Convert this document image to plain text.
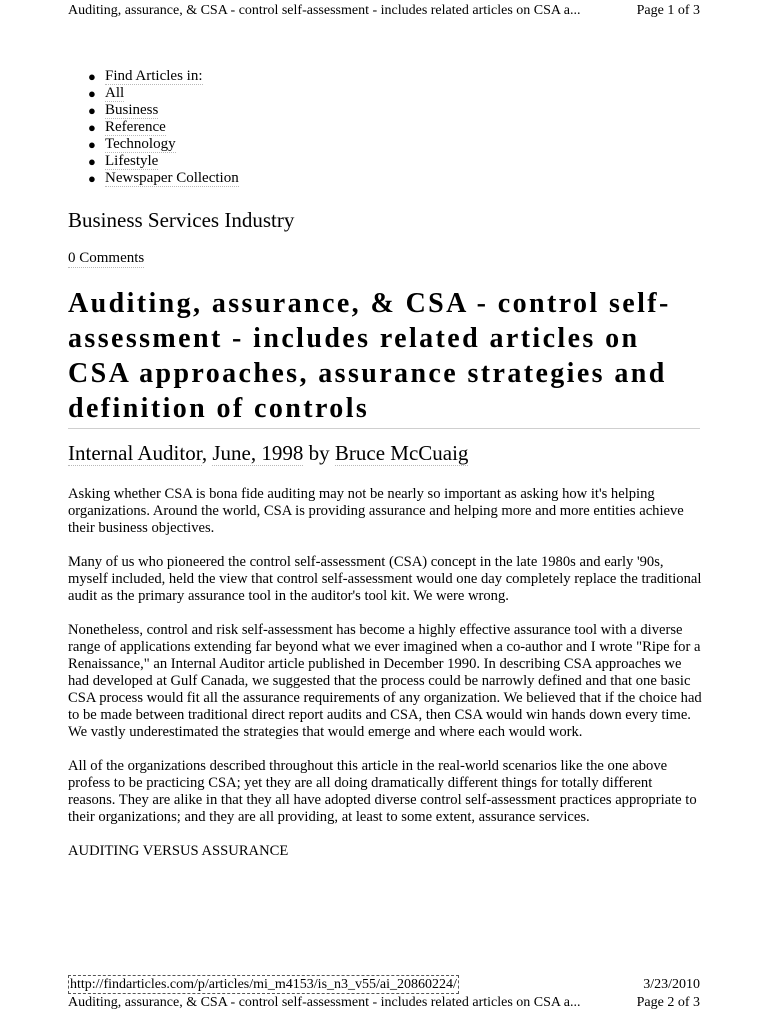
Auditing, assurance, & CSA - control self-assessment - includes related articles on CSA a...	Page 1 of 3
● Find Articles in:
● All
● Business
● Reference
● Technology
● Lifestyle
● Newspaper Collection
Business Services Industry
0 Comments
Auditing, assurance, & CSA - control self-assessment - includes related articles on CSA approaches, assurance strategies and definition of controls
Internal Auditor, June, 1998 by Bruce McCuaig

Asking whether CSA is bona fide auditing may not be nearly so important as asking how it's helping organizations. Around the world, CSA is providing assurance and helping more and more entities achieve their business objectives.

Many of us who pioneered the control self-assessment (CSA) concept in the late 1980s and early '90s, myself included, held the view that control self-assessment would one day completely replace the traditional audit as the primary assurance tool in the auditor's tool kit. We were wrong.

Nonetheless, control and risk self-assessment has become a highly effective assurance tool with a diverse range of applications extending far beyond what we ever imagined when a co-author and I wrote "Ripe for a Renaissance," an Internal Auditor article published in December 1990. In describing CSA approaches we had developed at Gulf Canada, we suggested that the process could be narrowly defined and that one basic CSA process would fit all the assurance requirements of any organization. We believed that if the choice had to be made between traditional direct report audits and CSA, then CSA would win hands down every time. We vastly underestimated the strategies that would emerge and where each would work.

All of the organizations described throughout this article in the real-world scenarios like the one above profess to be practicing CSA; yet they are all doing dramatically different things for totally different reasons. They are alike in that they all have adopted diverse control self-assessment practices appropriate to their organizations; and they are all providing, at least to some extent, assurance services.

AUDITING VERSUS ASSURANCE

http://findarticles.com/p/articles/mi_m4153/is_n3_v55/ai_20860224/	3/23/2010
Auditing, assurance, & CSA - control self-assessment - includes related articles on CSA a...	Page 2 of 3
